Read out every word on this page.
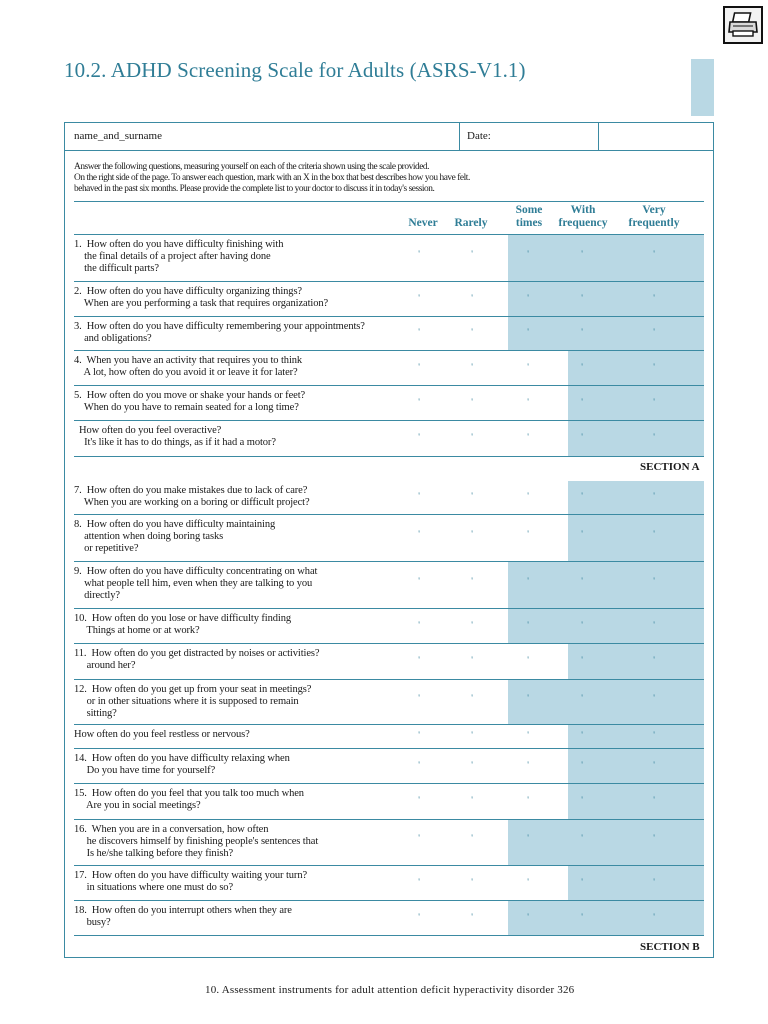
10.2. ADHD Screening Scale for Adults (ASRS-V1.1)
name_and_surname	Date:
Answer the following questions, measuring yourself on each of the criteria shown using the scale provided.
On the right side of the page. To answer each question, mark with an X in the box that best describes how you have felt.
behaved in the past six months. Please provide the complete list to your doctor to discuss it in today's session.
Never	Rarely
Some
times
With
frequency
Very
frequently
1.  How often do you have difficulty finishing with
the final details of a project after having done
the difficult parts?
'	'	'	'	'
2.  How often do you have difficulty organizing things?
When are you performing a task that requires organization?	'	'	'	'	'
3.  How often do you have difficulty remembering your appointments?
and obligations?
'	'	'	'	'
4.  When you have an activity that requires you to think
A lot, how often do you avoid it or leave it for later?	'	'	'	'	'
5.  How often do you move or shake your hands or feet?
When do you have to remain seated for a long time?	'	'	'	'	'
How often do you feel overactive?
It's like it has to do things, as if it had a motor?	'	'	'	'	'
7.  How often do you make mistakes due to lack of care?
When you are working on a boring or difficult project?
'	'	'	'	'
8.  How often do you have difficulty maintaining
attention when doing boring tasks
or repetitive?
'	'	'	'	'
9.  How often do you have difficulty concentrating on what
what people tell him, even when they are talking to you
directly?
'	'	'	'	'
10.  How often do you lose or have difficulty finding
Things at home or at work?	'	'	'	'	'
11.  How often do you get distracted by noises or activities?
around her?	'	'	'	'	'
12.  How often do you get up from your seat in meetings?
or in other situations where it is supposed to remain
sitting?
'	'	'	'	'
How often do you feel restless or nervous?	'	'	'	'	'
14.  How often do you have difficulty relaxing when
Do you have time for yourself?	'	'	'	'	'
15.  How often do you feel that you talk too much when
Are you in social meetings?	'	'	'	'	'
16.  When you are in a conversation, how often
he discovers himself by finishing people's sentences that
Is he/she talking before they finish?
'	'	'	'	'
17.  How often do you have difficulty waiting your turn?
in situations where one must do so?	'	'	'	'	'
18.  How often do you interrupt others when they are
busy?	'	'	'	'	'
SECTION A
SECTION B
10. Assessment instruments for adult attention deficit hyperactivity disorder 326
